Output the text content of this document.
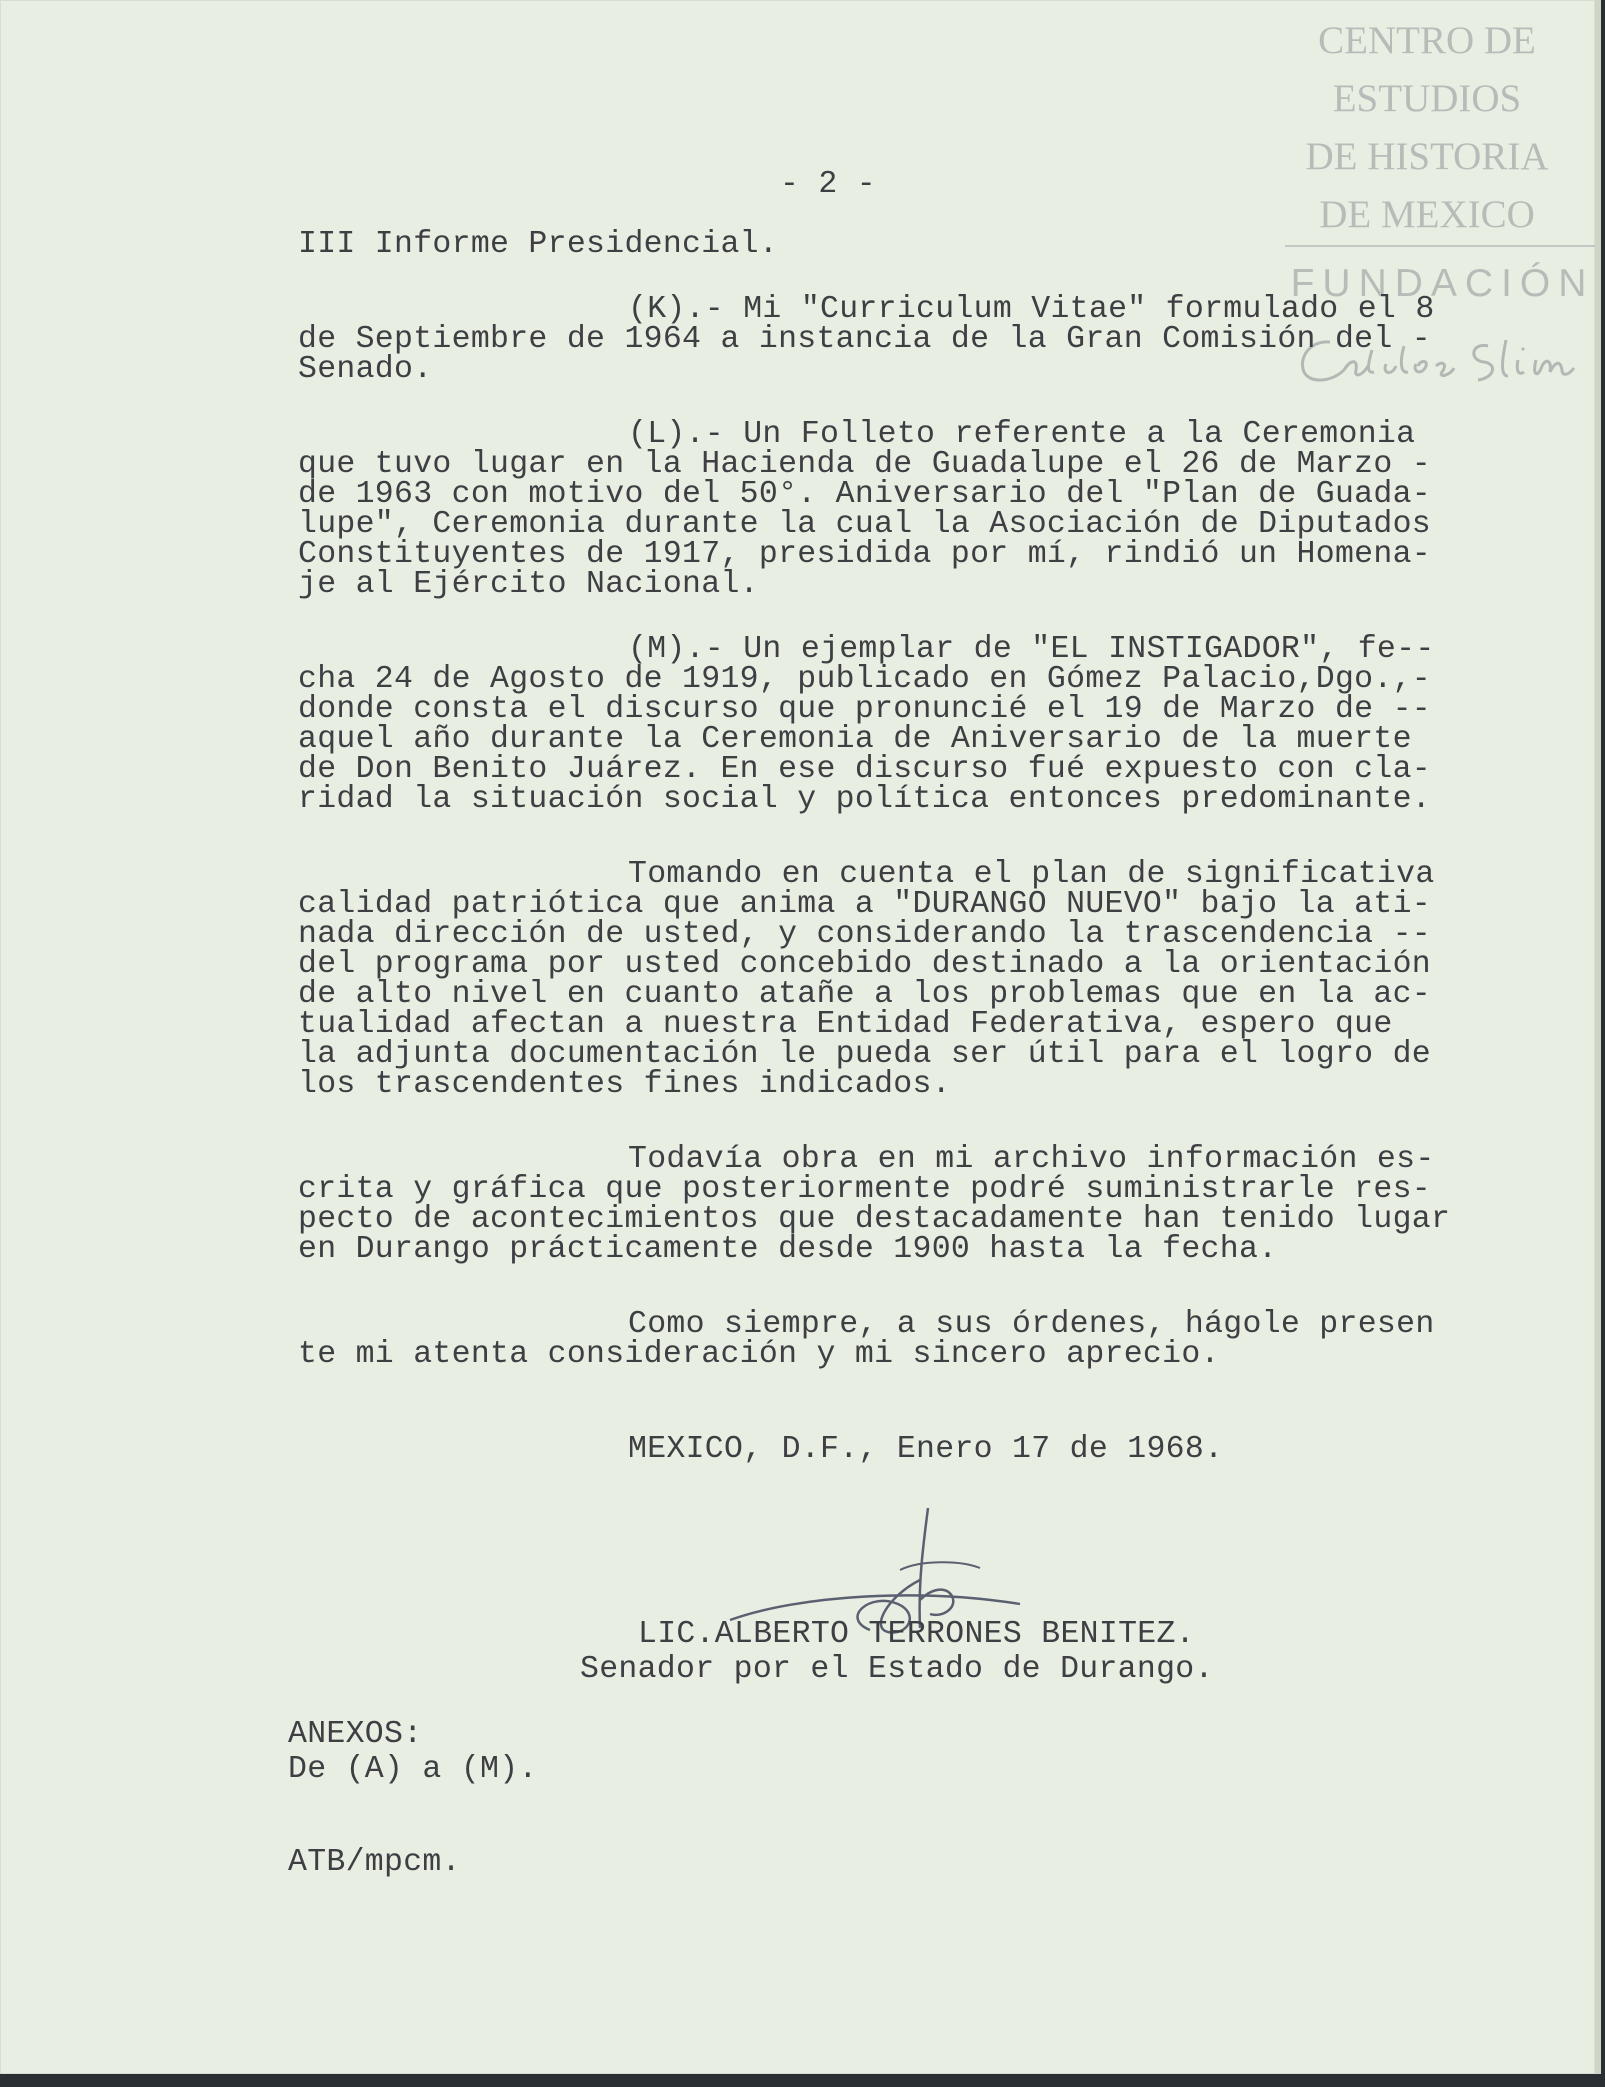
CENTRO DE
ESTUDIOS
DE HISTORIA
DE MEXICO
FUNDACIÓN
- 2 -
III Informe Presidencial.
(K).- Mi "Curriculum Vitae" formulado el 8
de Septiembre de 1964 a instancia de la Gran Comisión del -
Senado.
(L).- Un Folleto referente a la Ceremonia
que tuvo lugar en la Hacienda de Guadalupe el 26 de Marzo -
de 1963 con motivo del 50°. Aniversario del "Plan de Guada-
lupe", Ceremonia durante la cual la Asociación de Diputados
Constituyentes de 1917, presidida por mí, rindió un Homena-
je al Ejército Nacional.
(M).- Un ejemplar de "EL INSTIGADOR", fe--
cha 24 de Agosto de 1919, publicado en Gómez Palacio,Dgo.,-
donde consta el discurso que pronuncié el 19 de Marzo de --
aquel año durante la Ceremonia de Aniversario de la muerte
de Don Benito Juárez. En ese discurso fué expuesto con cla-
ridad la situación social y política entonces predominante.
Tomando en cuenta el plan de significativa
calidad patriótica que anima a "DURANGO NUEVO" bajo la ati-
nada dirección de usted, y considerando la trascendencia --
del programa por usted concebido destinado a la orientación
de alto nivel en cuanto atañe a los problemas que en la ac-
tualidad afectan a nuestra Entidad Federativa, espero que
la adjunta documentación le pueda ser útil para el logro de
los trascendentes fines indicados.
Todavía obra en mi archivo información es-
crita y gráfica que posteriormente podré suministrarle res-
pecto de acontecimientos que destacadamente han tenido lugar
en Durango prácticamente desde 1900 hasta la fecha.
Como siempre, a sus órdenes, hágole presen
te mi atenta consideración y mi sincero aprecio.
MEXICO, D.F., Enero 17 de 1968.
LIC.ALBERTO TERRONES BENITEZ.
Senador por el Estado de Durango.
ANEXOS:
De (A) a (M).
ATB/mpcm.
